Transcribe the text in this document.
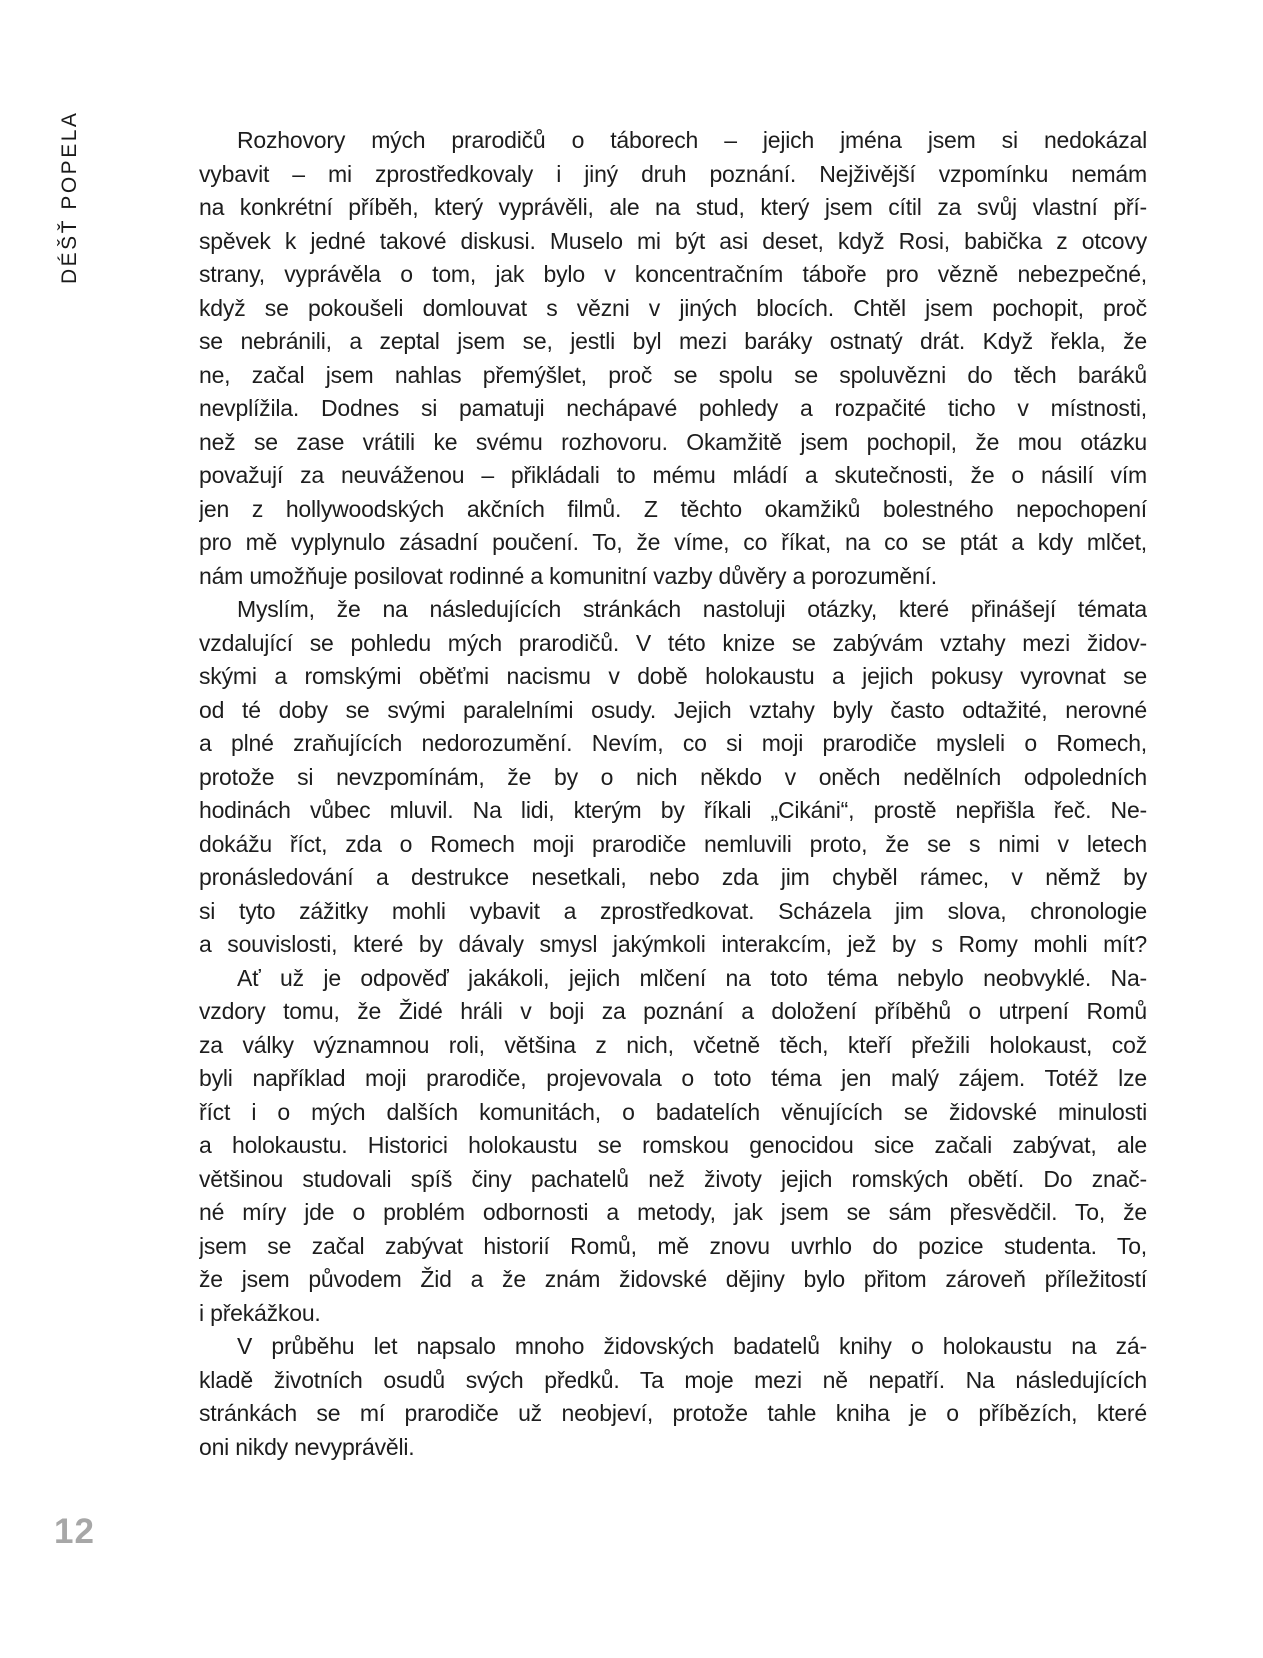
DÉŠŤ POPELA	Rozhovory mých prarodičů o táborech – jejich jména jsem si nedokázal
vybavit – mi zprostředkovaly i jiný druh poznání. Nejživější vzpomínku nemám
na konkrétní příběh, který vyprávěli, ale na stud, který jsem cítil za svůj vlastní pří-
spěvek k jedné takové diskusi. Muselo mi být asi deset, když Rosi, babička z otcovy
strany, vyprávěla o tom, jak bylo v koncentračním táboře pro vězně nebezpečné,
když se pokoušeli domlouvat s vězni v jiných blocích. Chtěl jsem pochopit, proč
se nebránili, a zeptal jsem se, jestli byl mezi baráky ostnatý drát. Když řekla, že
ne, začal jsem nahlas přemýšlet, proč se spolu se spoluvězni do těch baráků
nevplížila. Dodnes si pamatuji nechápavé pohledy a rozpačité ticho v místnosti,
než se zase vrátili ke svému rozhovoru. Okamžitě jsem pochopil, že mou otázku
považují za neuváženou – přikládali to mému mládí a skutečnosti, že o násilí vím
jen z hollywoodských akčních filmů. Z těchto okamžiků bolestného nepochopení
pro mě vyplynulo zásadní poučení. To, že víme, co říkat, na co se ptát a kdy mlčet,
nám umožňuje posilovat rodinné a komunitní vazby důvěry a porozumění.
Myslím, že na následujících stránkách nastoluji otázky, které přinášejí témata
vzdalující se pohledu mých prarodičů. V této knize se zabývám vztahy mezi židov-
skými a romskými oběťmi nacismu v době holokaustu a jejich pokusy vyrovnat se
od té doby se svými paralelními osudy. Jejich vztahy byly často odtažité, nerovné
a plné zraňujících nedorozumění. Nevím, co si moji prarodiče mysleli o Romech,
protože si nevzpomínám, že by o nich někdo v oněch nedělních odpoledních
hodinách vůbec mluvil. Na lidi, kterým by říkali „Cikáni“, prostě nepřišla řeč. Ne-
dokážu říct, zda o Romech moji prarodiče nemluvili proto, že se s nimi v letech
pronásledování a destrukce nesetkali, nebo zda jim chyběl rámec, v němž by
si tyto zážitky mohli vybavit a zprostředkovat. Scházela jim slova, chronologie
a souvislosti, které by dávaly smysl jakýmkoli interakcím, jež by s Romy mohli mít?
Ať už je odpověď jakákoli, jejich mlčení na toto téma nebylo neobvyklé. Na-
vzdory tomu, že Židé hráli v boji za poznání a doložení příběhů o utrpení Romů
za války významnou roli, většina z nich, včetně těch, kteří přežili holokaust, což
byli například moji prarodiče, projevovala o toto téma jen malý zájem. Totéž lze
říct i o mých dalších komunitách, o badatelích věnujících se židovské minulosti
a holokaustu. Historici holokaustu se romskou genocidou sice začali zabývat, ale
většinou studovali spíš činy pachatelů než životy jejich romských obětí. Do znač-
né míry jde o problém odbornosti a metody, jak jsem se sám přesvědčil. To, že
jsem se začal zabývat historií Romů, mě znovu uvrhlo do pozice studenta. To,
že jsem původem Žid a že znám židovské dějiny bylo přitom zároveň příležitostí
i překážkou.
V průběhu let napsalo mnoho židovských badatelů knihy o holokaustu na zá-
kladě životních osudů svých předků. Ta moje mezi ně nepatří. Na následujících
stránkách se mí prarodiče už neobjeví, protože tahle kniha je o příbězích, které
oni nikdy nevyprávěli.
12
